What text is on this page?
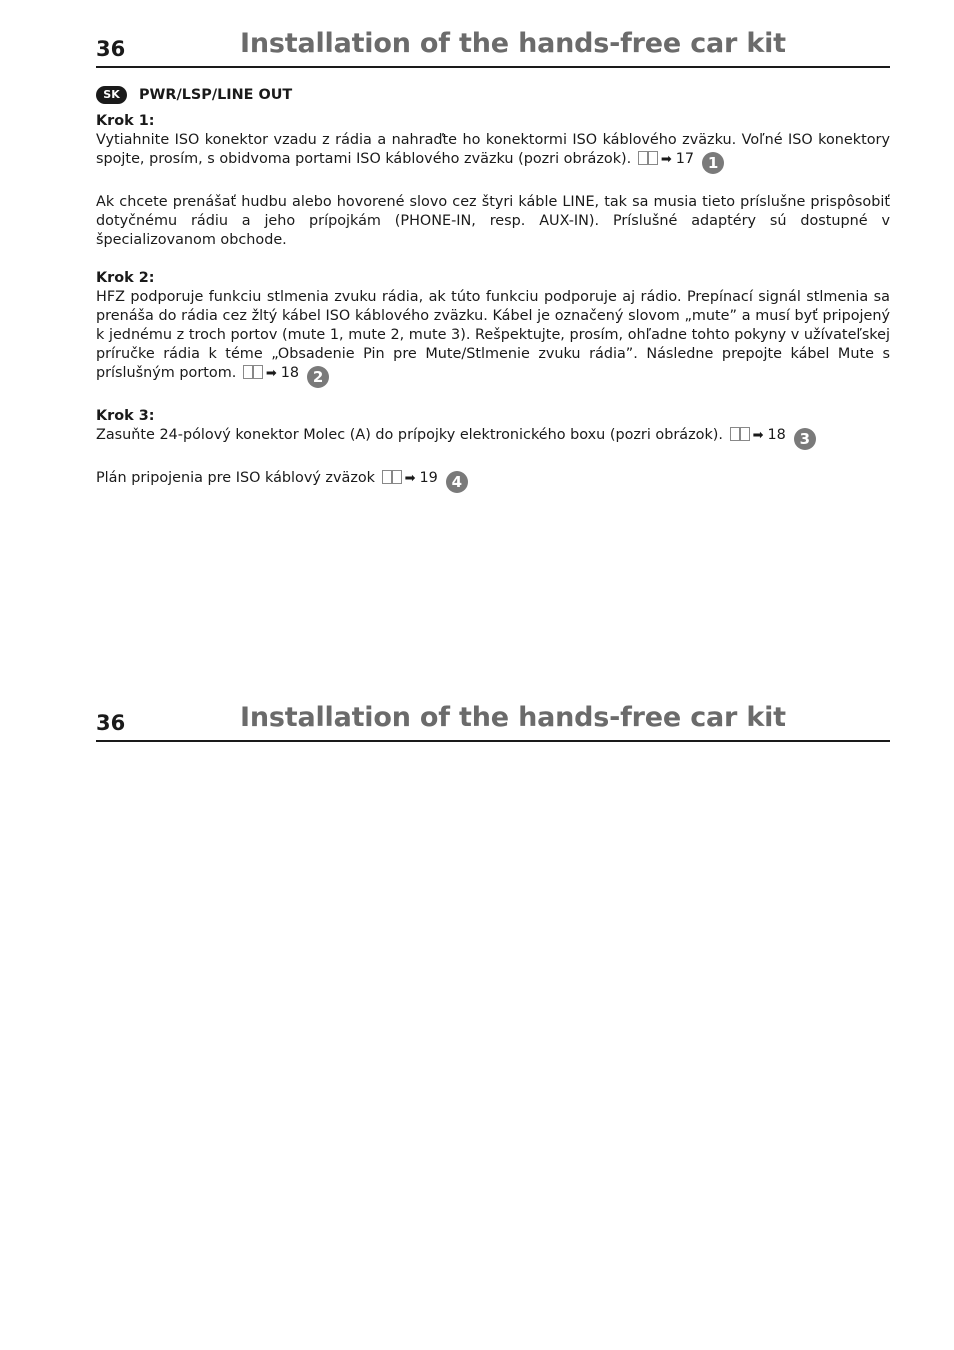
36	Installation of the hands-free car kit
SK	PWR/LSP/LINE OUT

Krok 1:

Vytiahnite ISO konektor vzadu z rádia a nahraďte ho konektormi ISO káblového zväzku. Voľné ISO konektory spojte, prosím, s obidvoma portami ISO káblového zväzku (pozri obrázok). ➡ 17 1

Ak chcete prenášať hudbu alebo hovorené slovo cez štyri káble LINE, tak sa musia tieto príslušne prispôsobiť dotyčnému rádiu a jeho prípojkám (PHONE-IN, resp. AUX-IN). Príslušné adaptéry sú dostupné v špecializovanom obchode.

Krok 2:

HFZ podporuje funkciu stlmenia zvuku rádia, ak túto funkciu podporuje aj rádio. Prepínací signál stlmenia sa prenáša do rádia cez žltý kábel ISO káblového zväzku. Kábel je označený slovom „mute” a musí byť pripojený k jednému z troch portov (mute 1, mute 2, mute 3). Rešpektujte, prosím, ohľadne tohto pokyny v užívateľskej príručke rádia k téme „Obsadenie Pin pre Mute/Stlmenie zvuku rádia”. Následne prepojte kábel Mute s príslušným portom. ➡ 18 2

Krok 3:

Zasuňte 24-pólový konektor Molec (A) do prípojky elektronického boxu (pozri obrázok). ➡ 18 3

Plán pripojenia pre ISO káblový zväzok ➡ 19 4

36	Installation of the hands-free car kit
